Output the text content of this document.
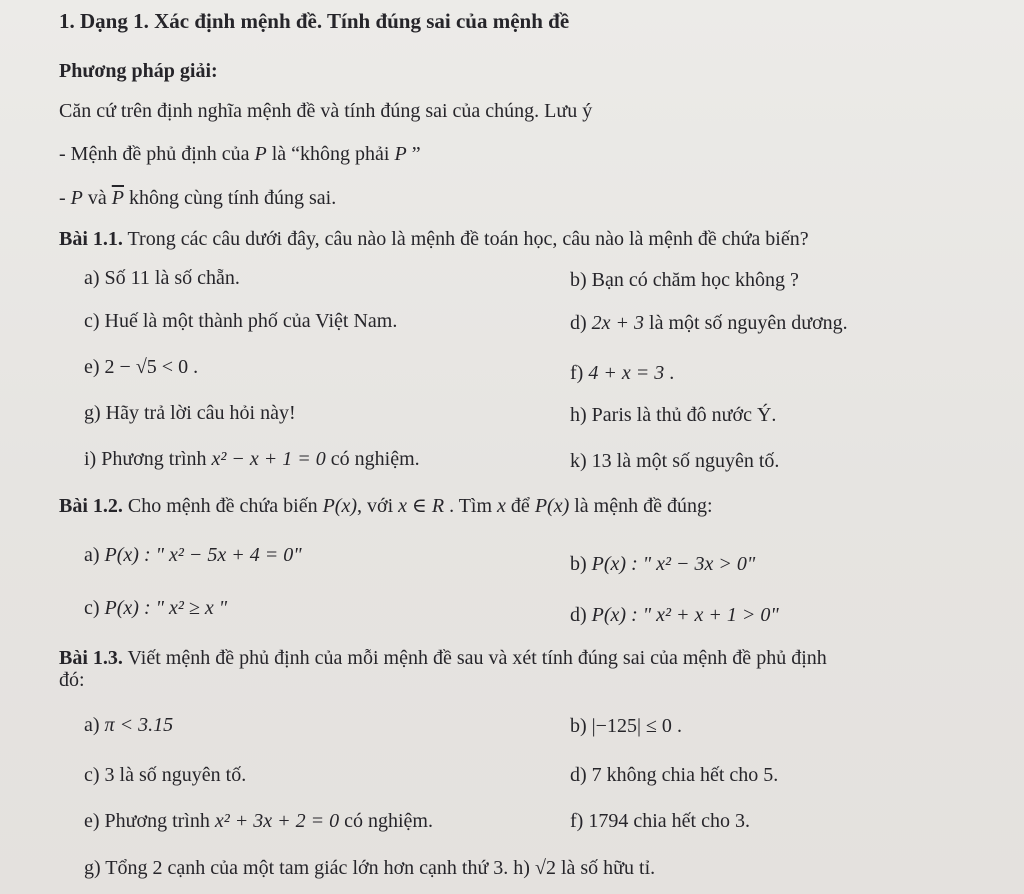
1. Dạng 1. Xác định mệnh đề. Tính đúng sai của mệnh đề
Phương pháp giải:
Căn cứ trên định nghĩa mệnh đề và tính đúng sai của chúng. Lưu ý
- Mệnh đề phủ định của P là “không phải P ”
- P và $\overline{P}$ không cùng tính đúng sai.
Bài 1.1. Trong các câu dưới đây, câu nào là mệnh đề toán học, câu nào là mệnh đề chứa biến?
a) Số 11 là số chẵn.	b) Bạn có chăm học không ?
c) Huế là một thành phố của Việt Nam.	d) 2x + 3 là một số nguyên dương.
e) 2 − √5 < 0 .	f) 4 + x = 3 .
g) Hãy trả lời câu hỏi này!	h) Paris là thủ đô nước Ý.
i) Phương trình x² − x + 1 = 0 có nghiệm.	k) 13 là một số nguyên tố.
Bài 1.2. Cho mệnh đề chứa biến P(x), với x ∈ R . Tìm x để P(x) là mệnh đề đúng:
a) P(x) : " x² − 5x + 4 = 0"	b) P(x) : " x² − 3x > 0"
c) P(x) : " x² ≥ x "	d) P(x) : " x² + x + 1 > 0"
Bài 1.3. Viết mệnh đề phủ định của mỗi mệnh đề sau và xét tính đúng sai của mệnh đề phủ định
đó:
a) π < 3.15	b) |−125| ≤ 0 .
c) 3 là số nguyên tố.	d) 7 không chia hết cho 5.
e) Phương trình x² + 3x + 2 = 0 có nghiệm.	f) 1794 chia hết cho 3.
g) Tổng 2 cạnh của một tam giác lớn hơn cạnh thứ 3. h) √2 là số hữu tỉ.
